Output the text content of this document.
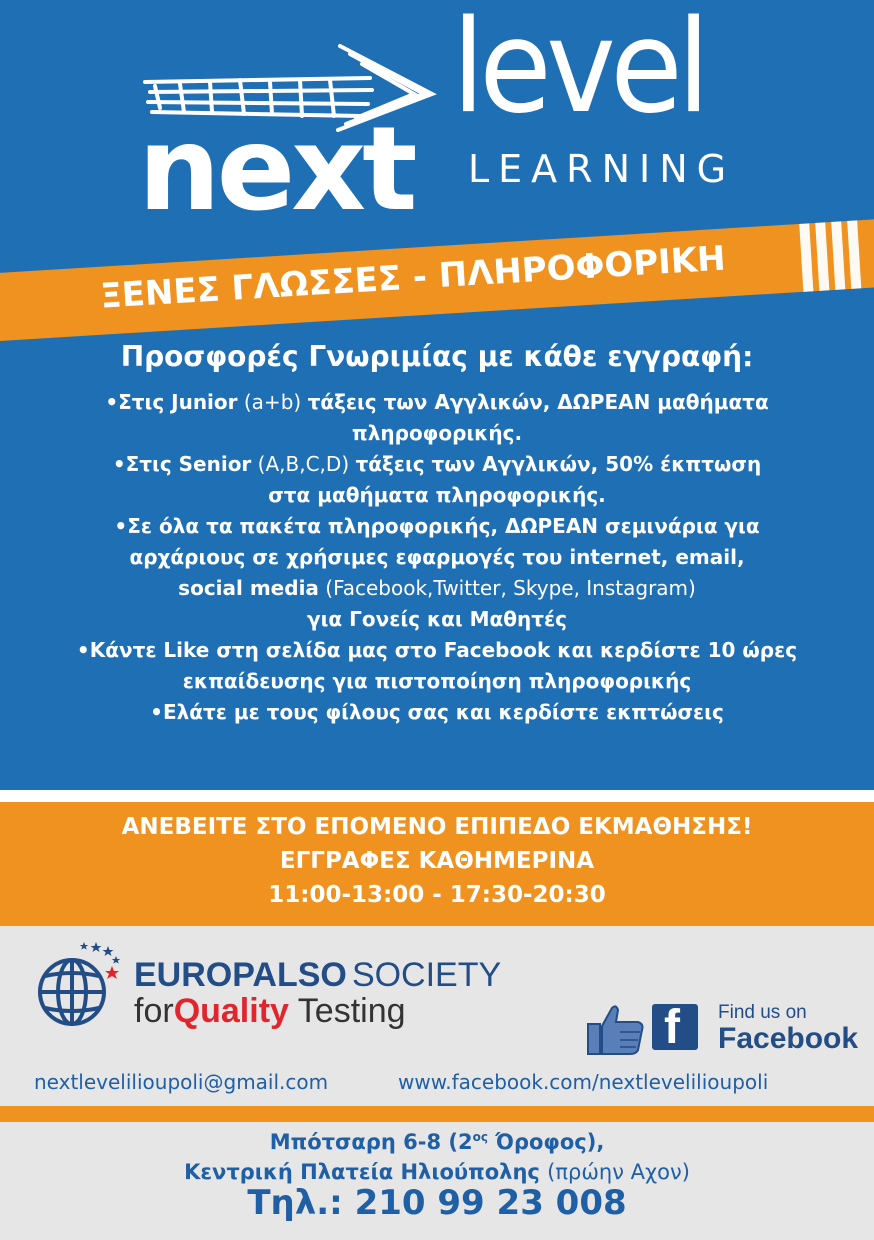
next
level
LEARNING
ΞΕΝΕΣ ΓΛΩΣΣΕΣ - ΠΛΗΡΟΦΟΡΙΚΗ
Προσφορές Γνωριμίας με κάθε εγγραφή:

•Στις Junior (a+b) τάξεις των Αγγλικών, ΔΩΡΕΑΝ μαθήματα
πληροφορικής.

•Στις Senior (A,B,C,D) τάξεις των Αγγλικών, 50% έκπτωση
στα μαθήματα πληροφορικής.

•Σε όλα τα πακέτα πληροφορικής, ΔΩΡΕΑΝ σεμινάρια για
αρχάριους σε χρήσιμες εφαρμογές του internet, email,
social media (Facebook,Twitter, Skype, Instagram)
για Γονείς και Μαθητές

•Κάντε Like στη σελίδα μας στο Facebook και κερδίστε 10 ώρες
εκπαίδευσης για πιστοποίηση πληροφορικής

•Ελάτε με τους φίλους σας και κερδίστε εκπτώσεις

ΑΝΕΒΕΙΤΕ ΣΤΟ ΕΠΟΜΕΝΟ ΕΠΙΠΕΔΟ ΕΚΜΑΘΗΣΗΣ!
ΕΓΓΡΑΦΕΣ ΚΑΘΗΜΕΡΙΝΑ
11:00-13:00 - 17:30-20:30
EUROPALSO SOCIETY
forQuality Testing	f Find us on
Facebook
nextlevelilioupoli@gmail.com	www.facebook.com/nextlevelilioupoli
Μπότσαρη 6-8 ($2^{o\varsigma}$ Όροφος),
Κεντρική Πλατεία Ηλιούπολης (πρώην Αχον)
Τηλ.: 210 99 23 008
